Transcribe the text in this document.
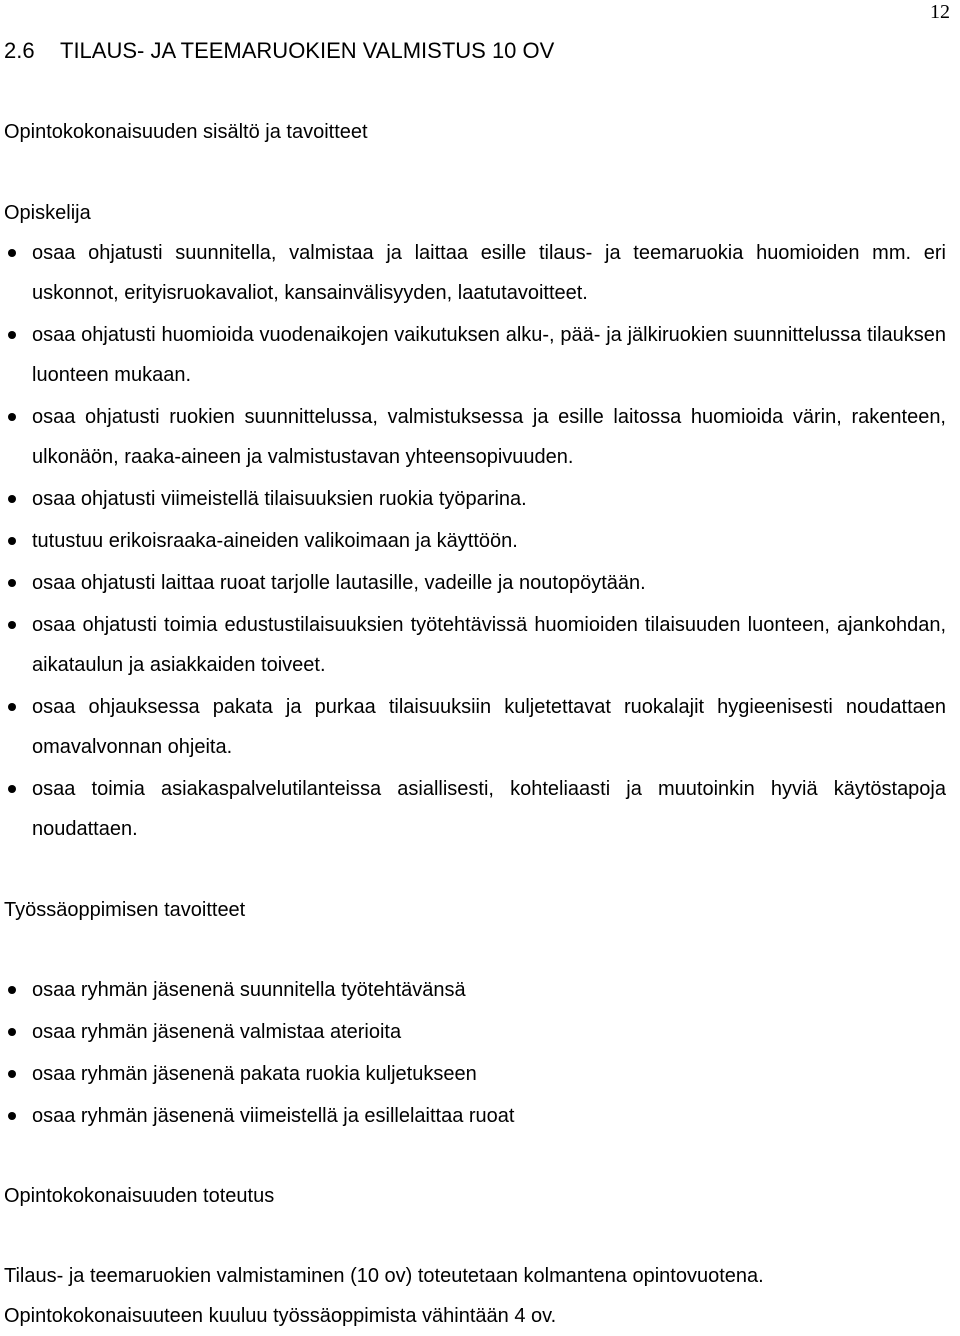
12
2.6 TILAUS- JA TEEMARUOKIEN VALMISTUS 10 OV
Opintokokonaisuuden sisältö ja tavoitteet
Opiskelija
osaa ohjatusti suunnitella, valmistaa ja laittaa esille tilaus- ja teemaruokia huomioiden mm. eri uskonnot, erityisruokavaliot, kansainvälisyyden, laatutavoitteet.
osaa ohjatusti huomioida vuodenaikojen vaikutuksen alku-, pää- ja jälkiruokien suunnittelussa tilauksen luonteen mukaan.
osaa ohjatusti ruokien suunnittelussa, valmistuksessa ja esille laitossa huomioida värin, rakenteen, ulkonäön, raaka-aineen ja valmistustavan yhteensopivuuden.
osaa ohjatusti viimeistellä tilaisuuksien ruokia työparina.
tutustuu erikoisraaka-aineiden valikoimaan ja käyttöön.
osaa ohjatusti laittaa ruoat tarjolle lautasille, vadeille ja noutopöytään.
osaa ohjatusti toimia edustustilaisuuksien työtehtävissä huomioiden tilaisuuden luonteen, ajankohdan, aikataulun ja asiakkaiden toiveet.
osaa ohjauksessa pakata ja purkaa tilaisuuksiin kuljetettavat ruokalajit hygieenisesti noudattaen omavalvonnan ohjeita.
osaa toimia asiakaspalvelutilanteissa asiallisesti, kohteliaasti ja muutoinkin hyviä käytöstapoja noudattaen.
Työssäoppimisen tavoitteet
osaa ryhmän jäsenenä suunnitella työtehtävänsä
osaa ryhmän jäsenenä valmistaa aterioita
osaa ryhmän jäsenenä pakata ruokia kuljetukseen
osaa ryhmän jäsenenä viimeistellä ja esillelaittaa ruoat
Opintokokonaisuuden toteutus
Tilaus- ja teemaruokien valmistaminen (10 ov) toteutetaan kolmantena opintovuotena. Opintokokonaisuuteen kuuluu työssäoppimista vähintään 4 ov.
